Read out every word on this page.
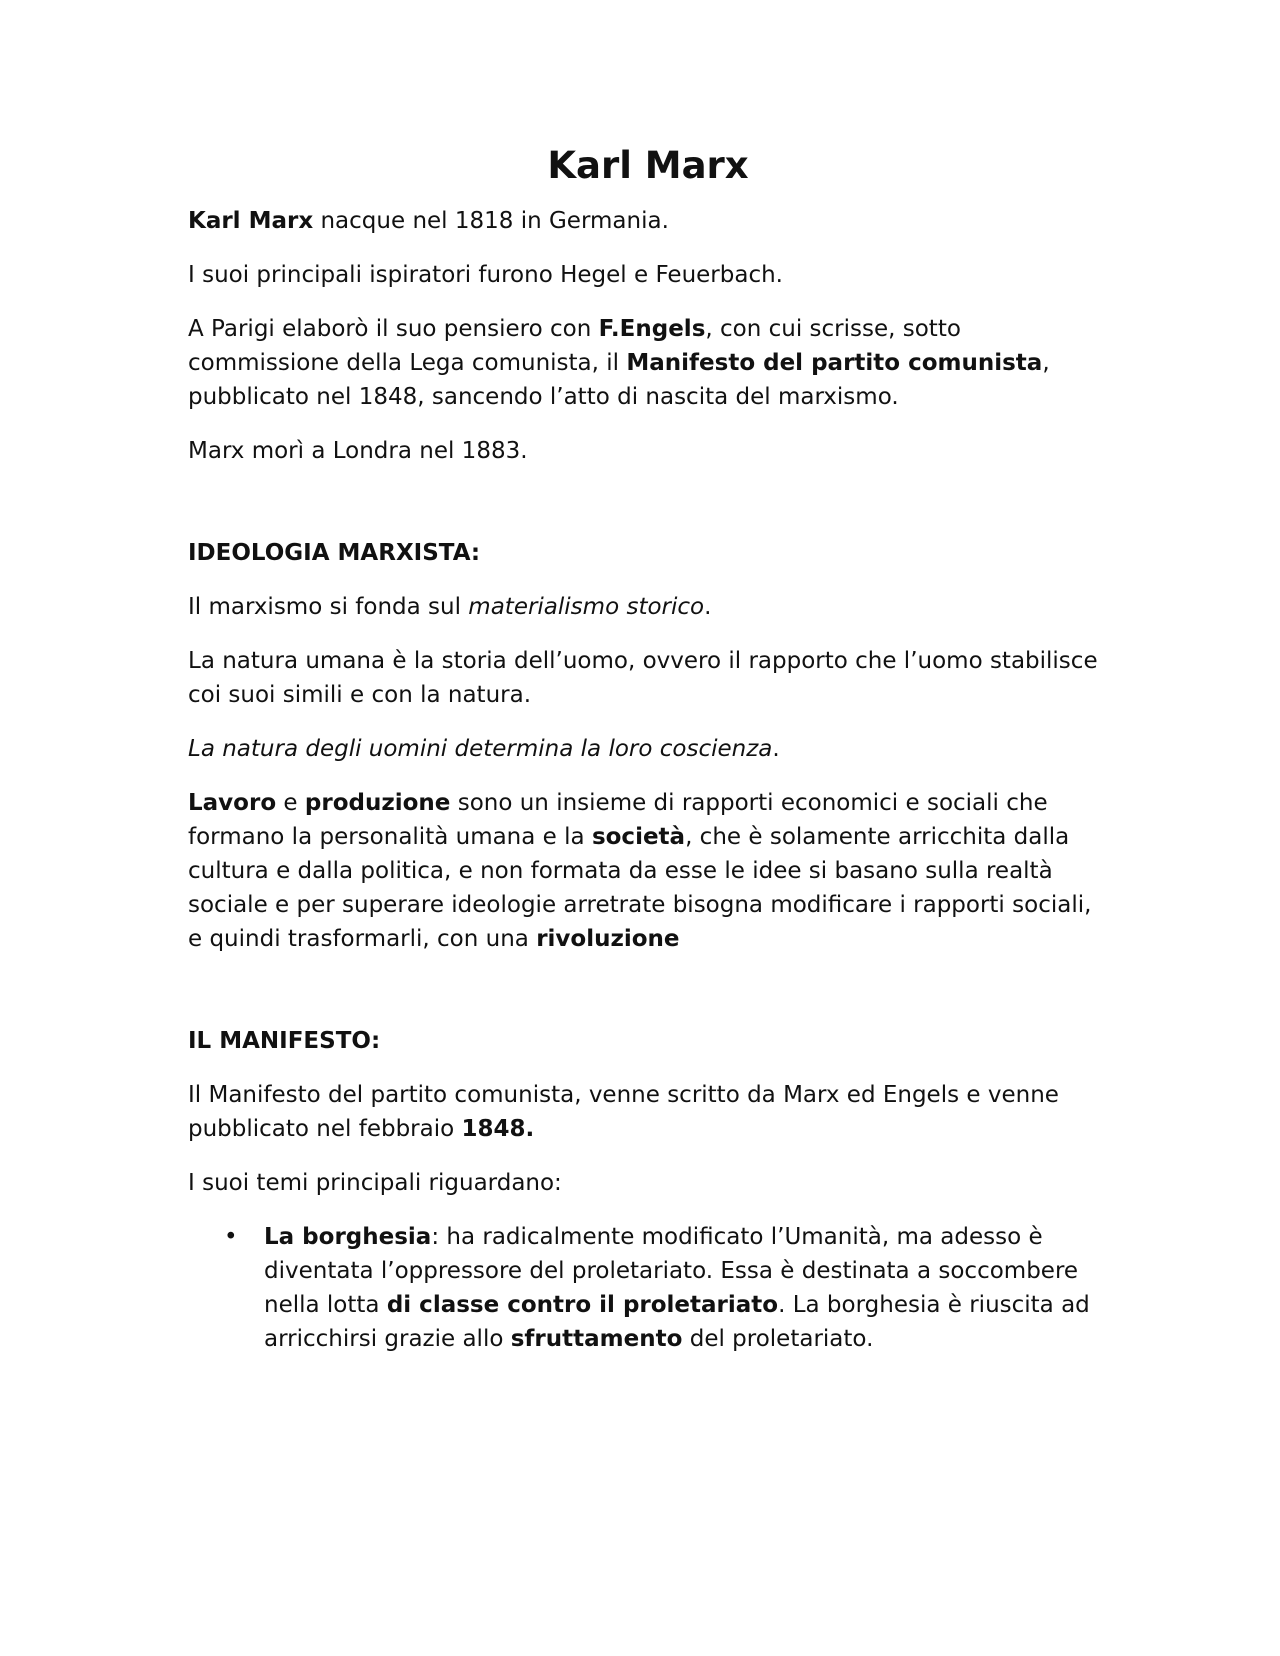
Karl Marx

Karl Marx nacque nel 1818 in Germania.

I suoi principali ispiratori furono Hegel e Feuerbach.

A Parigi elaborò il suo pensiero con F.Engels, con cui scrisse, sotto commissione della Lega comunista, il Manifesto del partito comunista, pubblicato nel 1848, sancendo l’atto di nascita del marxismo.

Marx morì a Londra nel 1883.

IDEOLOGIA MARXISTA:

Il marxismo si fonda sul materialismo storico.

La natura umana è la storia dell’uomo, ovvero il rapporto che l’uomo stabilisce coi suoi simili e con la natura.

La natura degli uomini determina la loro coscienza.

Lavoro e produzione sono un insieme di rapporti economici e sociali che formano la personalità umana e la società, che è solamente arricchita dalla cultura e dalla politica, e non formata da esse le idee si basano sulla realtà sociale e per superare ideologie arretrate bisogna modificare i rapporti sociali, e quindi trasformarli, con una rivoluzione

IL MANIFESTO:

Il Manifesto del partito comunista, venne scritto da Marx ed Engels e venne pubblicato nel febbraio 1848.

I suoi temi principali riguardano:

• La borghesia: ha radicalmente modificato l’Umanità, ma adesso è diventata l’oppressore del proletariato. Essa è destinata a soccombere nella lotta di classe contro il proletariato. La borghesia è riuscita ad arricchirsi grazie allo sfruttamento del proletariato.
